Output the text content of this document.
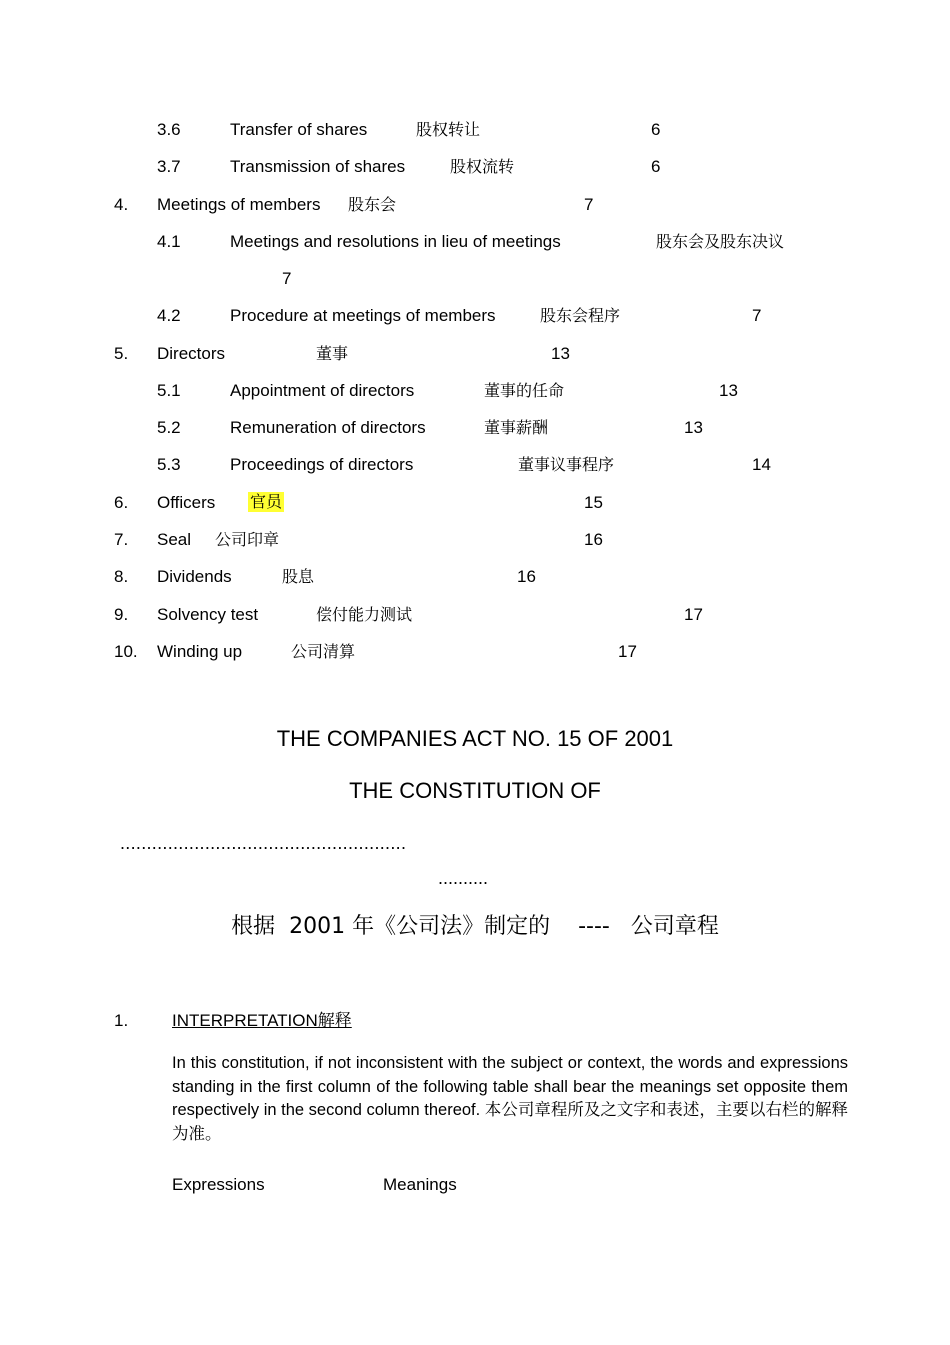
3.6	Transfer of shares	股权转让	6
3.7	Transmission of shares	股权流转	6
4. Meetings of members 股东会	7
4.1	Meetings and resolutions in lieu of meetings	股东会及股东决议
7
4.2	Procedure at meetings of members	股东会程序	7
5. Directors	董事	13
5.1	Appointment of directors	董事的任命	13
5.2	Remuneration of directors	董事薪酬	13
5.3	Proceedings of directors	董事议事程序	14
6. Officers 官员	15
7. Seal 公司印章	16
8. Dividends	股息	16
9. Solvency test	偿付能力测试	17
10. Winding up	公司清算	17
THE COMPANIES ACT NO. 15 OF 2001
THE CONSTITUTION OF
......................................................
..........
根据  2001 年《公司法》制定的    ----   公司章程
1.	INTERPRETATION解释
In this constitution, if not inconsistent with the subject or context, the words and expressions standing in the first column of the following table shall bear the meanings set opposite them respectively in the second column thereof. 本公司章程所及之文字和表述，主要以右栏的解释为准。
Expressions	Meanings
